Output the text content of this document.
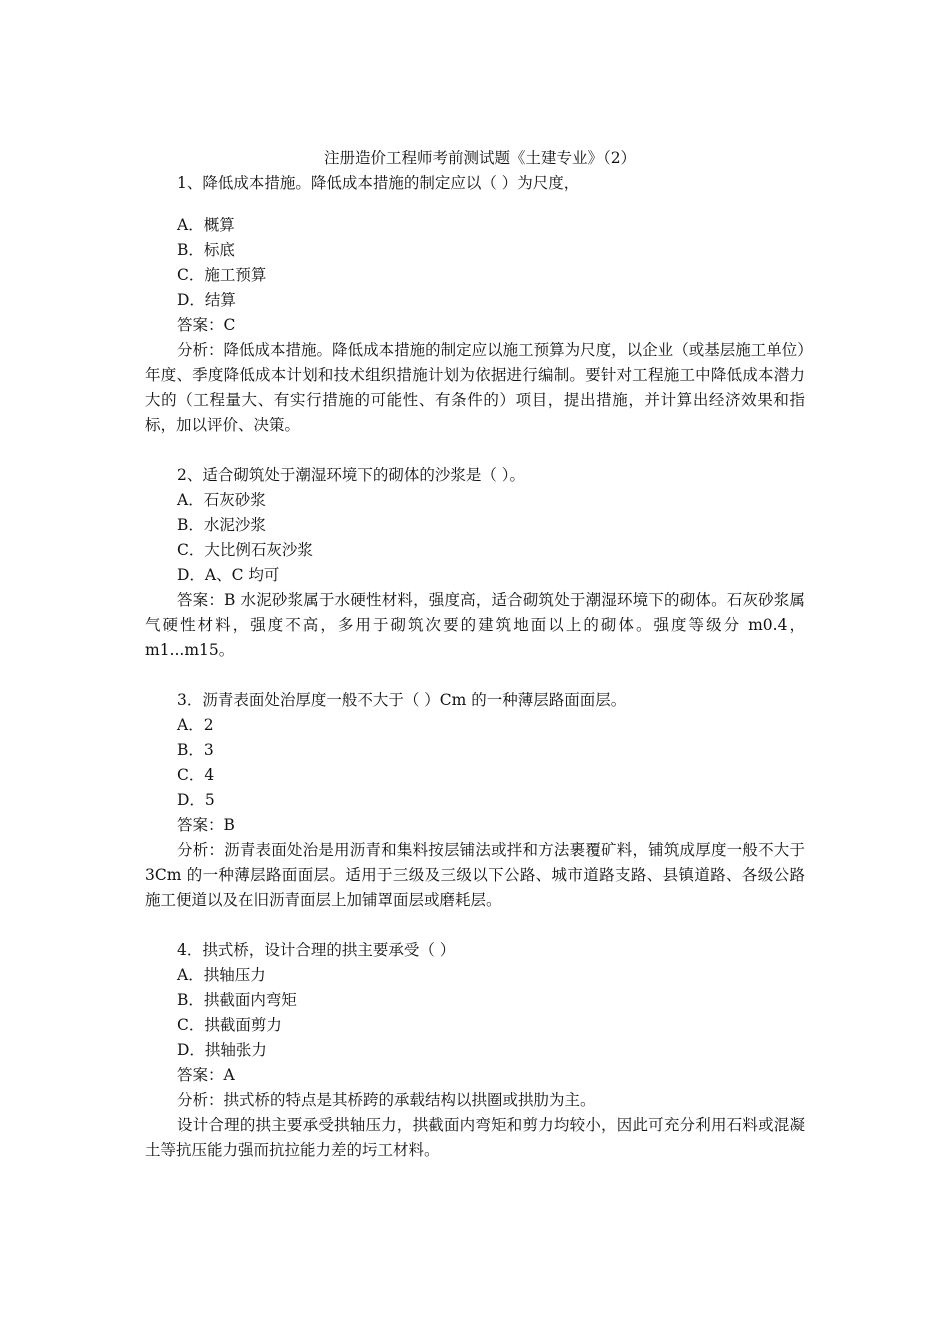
注册造价工程师考前测试题《土建专业》（2）

1、降低成本措施。降低成本措施的制定应以（ ）为尺度，

A．概算
B．标底
C．施工预算
D．结算
答案：C

分析：降低成本措施。降低成本措施的制定应以施工预算为尺度，以企业（或基层施工单位）年度、季度降低成本计划和技术组织措施计划为依据进行编制。要针对工程施工中降低成本潜力大的（工程量大、有实行措施的可能性、有条件的）项目，提出措施，并计算出经济效果和指标，加以评价、决策。

2、适合砌筑处于潮湿环境下的砌体的沙浆是（ ）。

A．石灰砂浆
B．水泥沙浆
C．大比例石灰沙浆
D．A、C 均可

答案：B 水泥砂浆属于水硬性材料，强度高，适合砌筑处于潮湿环境下的砌体。石灰砂浆属气硬性材料，强度不高，多用于砌筑次要的建筑地面以上的砌体。强度等级分 m0.4，m1...m15。

3．沥青表面处治厚度一般不大于（ ）Cm 的一种薄层路面面层。

A．2
B．3
C．4
D．5
答案：B

分析：沥青表面处治是用沥青和集料按层铺法或拌和方法裹覆矿料，铺筑成厚度一般不大于 3Cm 的一种薄层路面面层。适用于三级及三级以下公路、城市道路支路、县镇道路、各级公路施工便道以及在旧沥青面层上加铺罩面层或磨耗层。

4．拱式桥，设计合理的拱主要承受（ ）

A．拱轴压力
B．拱截面内弯矩
C．拱截面剪力
D．拱轴张力
答案：A

分析：拱式桥的特点是其桥跨的承载结构以拱圈或拱肋为主。

设计合理的拱主要承受拱轴压力，拱截面内弯矩和剪力均较小，因此可充分利用石料或混凝土等抗压能力强而抗拉能力差的圬工材料。
